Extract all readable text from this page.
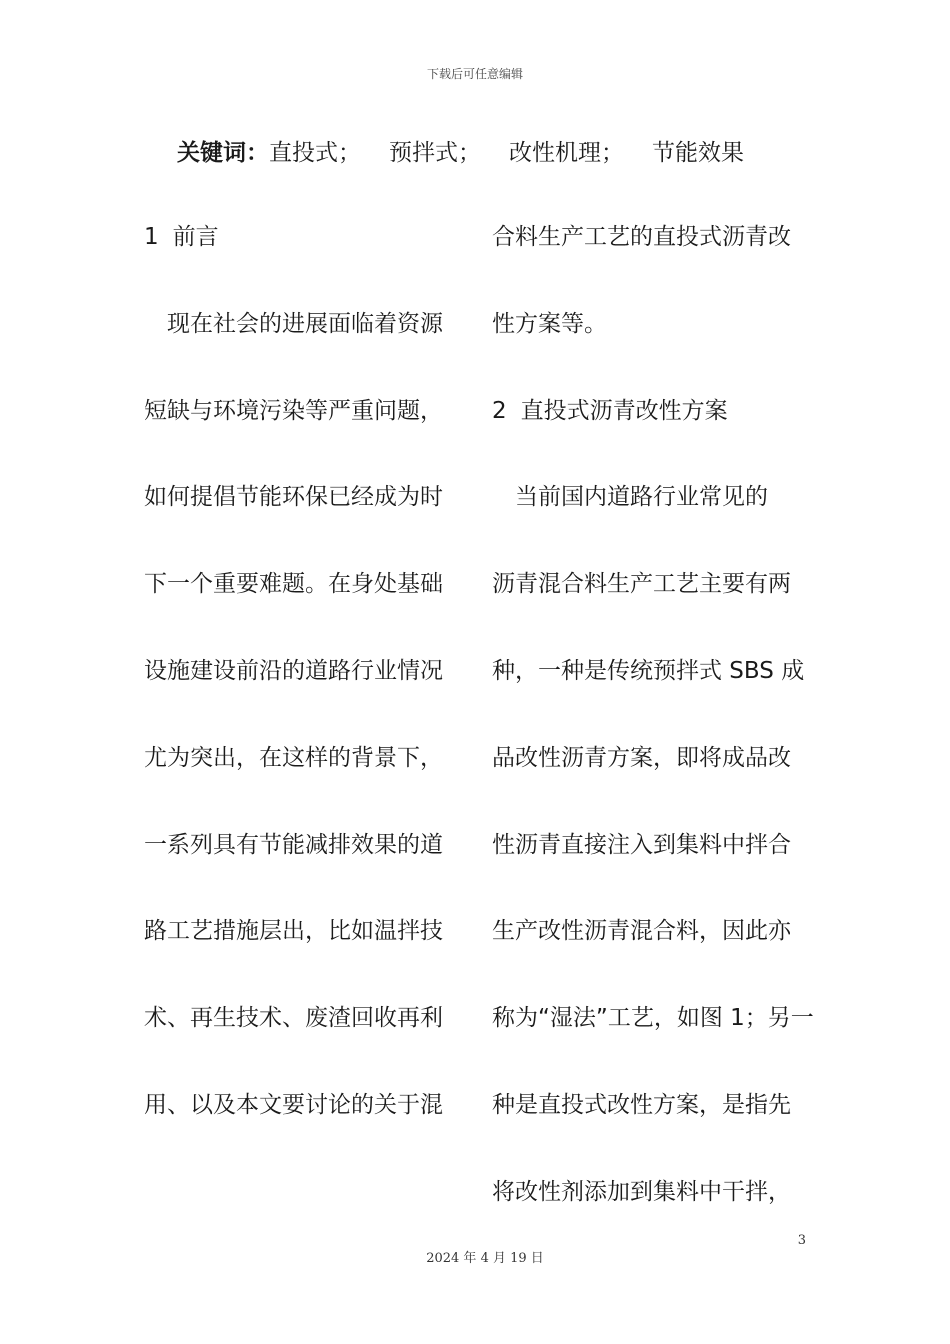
下载后可任意编辑
关键词：直投式； 预拌式； 改性机理； 节能效果
1 前言
　现在社会的进展面临着资源
短缺与环境污染等严重问题，
如何提倡节能环保已经成为时
下一个重要难题。在身处基础
设施建设前沿的道路行业情况
尤为突出，在这样的背景下，
一系列具有节能减排效果的道
路工艺措施层出，比如温拌技
术、再生技术、废渣回收再利
用、以及本文要讨论的关于混
合料生产工艺的直投式沥青改
性方案等。
2 直投式沥青改性方案
　当前国内道路行业常见的
沥青混合料生产工艺主要有两
种，一种是传统预拌式 SBS 成
品改性沥青方案，即将成品改
性沥青直接注入到集料中拌合
生产改性沥青混合料，因此亦
称为“湿法”工艺，如图 1；另一
种是直投式改性方案，是指先
将改性剂添加到集料中干拌，
3
2024 年 4 月 19 日
